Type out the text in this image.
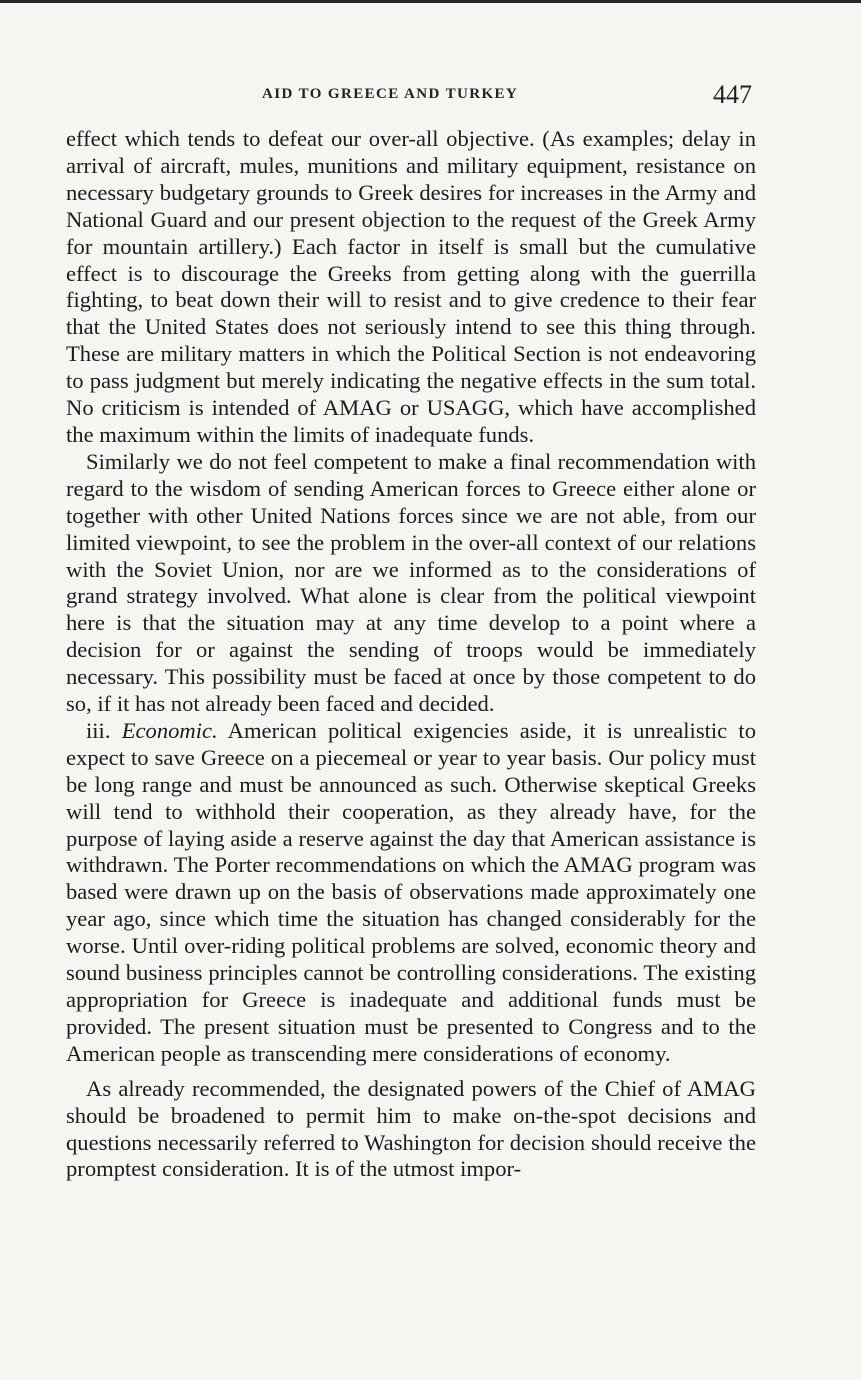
AID TO GREECE AND TURKEY	447

effect which tends to defeat our over-all objective. (As examples; delay in arrival of aircraft, mules, munitions and military equipment, resistance on necessary budgetary grounds to Greek desires for increases in the Army and National Guard and our present objection to the request of the Greek Army for mountain artillery.) Each factor in itself is small but the cumulative effect is to discourage the Greeks from getting along with the guerrilla fighting, to beat down their will to resist and to give credence to their fear that the United States does not seriously intend to see this thing through. These are military matters in which the Political Section is not endeavoring to pass judgment but merely indicating the negative effects in the sum total. No criticism is intended of AMAG or USAGG, which have accomplished the maximum within the limits of inadequate funds.

Similarly we do not feel competent to make a final recommendation with regard to the wisdom of sending American forces to Greece either alone or together with other United Nations forces since we are not able, from our limited viewpoint, to see the problem in the over-all context of our relations with the Soviet Union, nor are we informed as to the considerations of grand strategy involved. What alone is clear from the political viewpoint here is that the situation may at any time develop to a point where a decision for or against the sending of troops would be immediately necessary. This possibility must be faced at once by those competent to do so, if it has not already been faced and decided.

iii. Economic. American political exigencies aside, it is unrealistic to expect to save Greece on a piecemeal or year to year basis. Our policy must be long range and must be announced as such. Otherwise skeptical Greeks will tend to withhold their cooperation, as they already have, for the purpose of laying aside a reserve against the day that American assistance is withdrawn. The Porter recommendations on which the AMAG program was based were drawn up on the basis of observations made approximately one year ago, since which time the situation has changed considerably for the worse. Until over-riding political problems are solved, economic theory and sound business principles cannot be controlling considerations. The existing appropriation for Greece is inadequate and additional funds must be provided. The present situation must be presented to Congress and to the American people as transcending mere considerations of economy.

As already recommended, the designated powers of the Chief of AMAG should be broadened to permit him to make on-the-spot decisions and questions necessarily referred to Washington for decision should receive the promptest consideration. It is of the utmost impor-
